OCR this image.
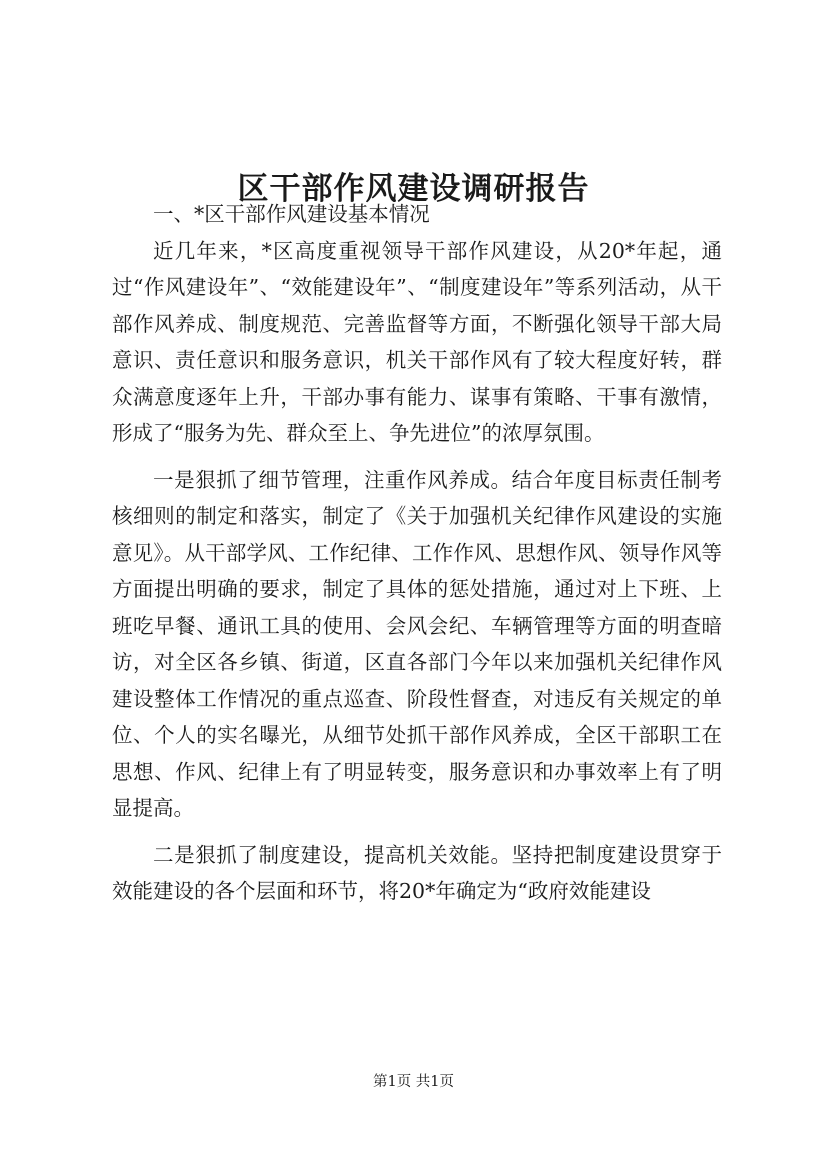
区干部作风建设调研报告

一、*区干部作风建设基本情况

近几年来，*区高度重视领导干部作风建设，从20*年起，通过“作风建设年”、“效能建设年”、“制度建设年”等系列活动，从干部作风养成、制度规范、完善监督等方面，不断强化领导干部大局意识、责任意识和服务意识，机关干部作风有了较大程度好转，群众满意度逐年上升，干部办事有能力、谋事有策略、干事有激情，形成了“服务为先、群众至上、争先进位”的浓厚氛围。

一是狠抓了细节管理，注重作风养成。结合年度目标责任制考核细则的制定和落实，制定了《关于加强机关纪律作风建设的实施意见》。从干部学风、工作纪律、工作作风、思想作风、领导作风等方面提出明确的要求，制定了具体的惩处措施，通过对上下班、上班吃早餐、通讯工具的使用、会风会纪、车辆管理等方面的明查暗访，对全区各乡镇、街道，区直各部门今年以来加强机关纪律作风建设整体工作情况的重点巡查、阶段性督查，对违反有关规定的单位、个人的实名曝光，从细节处抓干部作风养成，全区干部职工在思想、作风、纪律上有了明显转变，服务意识和办事效率上有了明显提高。

二是狠抓了制度建设，提高机关效能。坚持把制度建设贯穿于效能建设的各个层面和环节，将20*年确定为“政府效能建设

第1页 共1页
